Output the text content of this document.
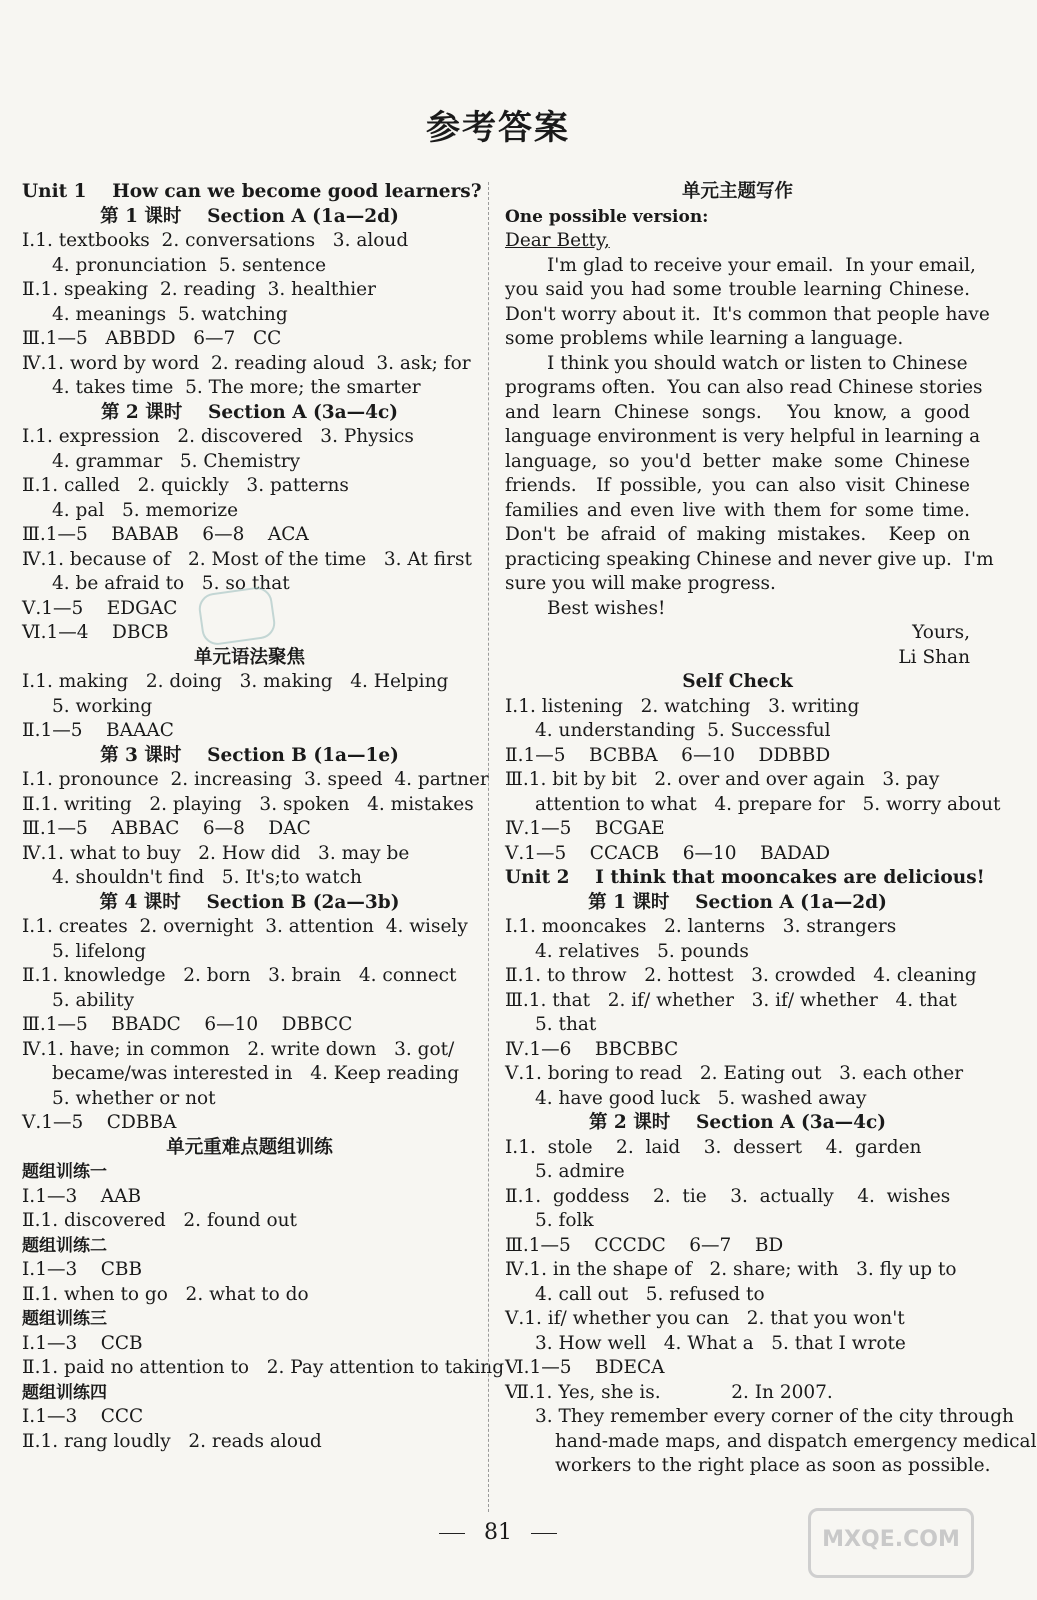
参考答案
Unit 1    How can we become good learners?
第 1 课时    Section A (1a—2d)
Ⅰ.1. textbooks  2. conversations   3. aloud
4. pronunciation  5. sentence
Ⅱ.1. speaking  2. reading  3. healthier
4. meanings  5. watching
Ⅲ.1—5   ABBDD   6—7   CC
Ⅳ.1. word by word  2. reading aloud  3. ask; for
4. takes time  5. The more; the smarter
第 2 课时    Section A (3a—4c)
Ⅰ.1. expression   2. discovered   3. Physics
4. grammar   5. Chemistry
Ⅱ.1. called   2. quickly   3. patterns
4. pal   5. memorize
Ⅲ.1—5    BABAB    6—8    ACA
Ⅳ.1. because of   2. Most of the time   3. At first
4. be afraid to   5. so that
Ⅴ.1—5    EDGAC
Ⅵ.1—4    DBCB
单元语法聚焦
Ⅰ.1. making   2. doing   3. making   4. Helping
5. working
Ⅱ.1—5    BAAAC
第 3 课时    Section B (1a—1e)
Ⅰ.1. pronounce  2. increasing  3. speed  4. partner
Ⅱ.1. writing   2. playing   3. spoken   4. mistakes
Ⅲ.1—5    ABBAC    6—8    DAC
Ⅳ.1. what to buy   2. How did   3. may be
4. shouldn't find   5. It's;to watch
第 4 课时    Section B (2a—3b)
Ⅰ.1. creates  2. overnight  3. attention  4. wisely
5. lifelong
Ⅱ.1. knowledge   2. born   3. brain   4. connect
5. ability
Ⅲ.1—5    BBADC    6—10    DBBCC
Ⅳ.1. have; in common   2. write down   3. got/
became/was interested in   4. Keep reading
5. whether or not
Ⅴ.1—5    CDBBA
单元重难点题组训练
题组训练一
Ⅰ.1—3    AAB
Ⅱ.1. discovered   2. found out
题组训练二
Ⅰ.1—3    CBB
Ⅱ.1. when to go   2. what to do
题组训练三
Ⅰ.1—3    CCB
Ⅱ.1. paid no attention to   2. Pay attention to taking
题组训练四
Ⅰ.1—3    CCC
Ⅱ.1. rang loudly   2. reads aloud
单元主题写作
One possible version:
Dear Betty,
I'm glad to receive your email.  In your email,
you said you had some trouble learning Chinese.
Don't worry about it.  It's common that people have
some problems while learning a language.
I think you should watch or listen to Chinese
programs often.  You can also read Chinese stories
and learn Chinese songs.  You know, a good
language environment is very helpful in learning a
language, so you'd better make some Chinese
friends.  If possible, you can also visit Chinese
families and even live with them for some time.
Don't be afraid of making mistakes.  Keep on
practicing speaking Chinese and never give up.  I'm
sure you will make progress.
Best wishes!
Yours,
Li Shan
Self Check
Ⅰ.1. listening   2. watching   3. writing
4. understanding  5. Successful
Ⅱ.1—5    BCBBA    6—10    DDBBD
Ⅲ.1. bit by bit   2. over and over again   3. pay
attention to what   4. prepare for   5. worry about
Ⅳ.1—5    BCGAE
Ⅴ.1—5    CCACB    6—10    BADAD
Unit 2    I think that mooncakes are delicious!
第 1 课时    Section A (1a—2d)
Ⅰ.1. mooncakes   2. lanterns   3. strangers
4. relatives   5. pounds
Ⅱ.1. to throw   2. hottest   3. crowded   4. cleaning
Ⅲ.1. that   2. if/ whether   3. if/ whether   4. that
5. that
Ⅳ.1—6    BBCBBC
Ⅴ.1. boring to read   2. Eating out   3. each other
4. have good luck   5. washed away
第 2 课时    Section A (3a—4c)
Ⅰ.1.  stole    2.  laid    3.  dessert    4.  garden
5. admire
Ⅱ.1.  goddess    2.  tie    3.  actually    4.  wishes
5. folk
Ⅲ.1—5    CCCDC    6—7    BD
Ⅳ.1. in the shape of   2. share; with   3. fly up to
4. call out   5. refused to
Ⅴ.1. if/ whether you can   2. that you won't
3. How well   4. What a   5. that I wrote
Ⅵ.1—5    BDECA
Ⅶ.1. Yes, she is.            2. In 2007.
3. They remember every corner of the city through
hand-made maps, and dispatch emergency medical
workers to the right place as soon as possible.
81	MXQE.COM
